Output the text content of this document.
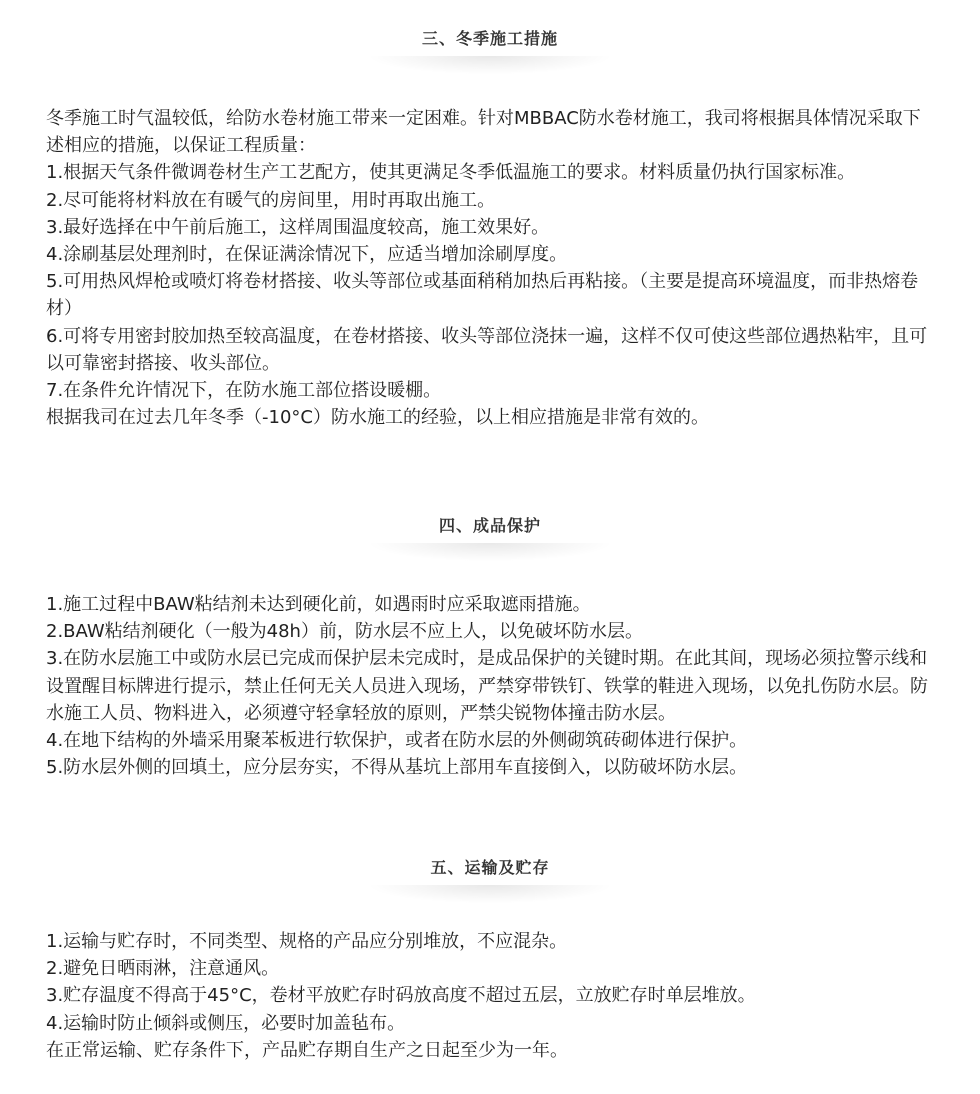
三、冬季施工措施

冬季施工时气温较低，给防水卷材施工带来一定困难。针对MBBAC防水卷材施工，我司将根据具体情况采取下述相应的措施，以保证工程质量：

1.根据天气条件微调卷材生产工艺配方，使其更满足冬季低温施工的要求。材料质量仍执行国家标准。

2.尽可能将材料放在有暖气的房间里，用时再取出施工。

3.最好选择在中午前后施工，这样周围温度较高，施工效果好。

4.涂刷基层处理剂时，在保证满涂情况下，应适当增加涂刷厚度。

5.可用热风焊枪或喷灯将卷材搭接、收头等部位或基面稍稍加热后再粘接。（主要是提高环境温度，而非热熔卷材）

6.可将专用密封胶加热至较高温度，在卷材搭接、收头等部位浇抹一遍，这样不仅可使这些部位遇热粘牢，且可以可靠密封搭接、收头部位。

7.在条件允许情况下，在防水施工部位搭设暖棚。

根据我司在过去几年冬季（-10°C）防水施工的经验，以上相应措施是非常有效的。

四、成品保护

1.施工过程中BAW粘结剂未达到硬化前，如遇雨时应采取遮雨措施。

2.BAW粘结剂硬化（一般为48h）前，防水层不应上人，以免破坏防水层。

3.在防水层施工中或防水层已完成而保护层未完成时，是成品保护的关键时期。在此其间，现场必须拉警示线和设置醒目标牌进行提示，禁止任何无关人员进入现场，严禁穿带铁钉、铁掌的鞋进入现场，以免扎伤防水层。防水施工人员、物料进入，必须遵守轻拿轻放的原则，严禁尖锐物体撞击防水层。

4.在地下结构的外墙采用聚苯板进行软保护，或者在防水层的外侧砌筑砖砌体进行保护。

5.防水层外侧的回填土，应分层夯实，不得从基坑上部用车直接倒入，以防破坏防水层。

五、运输及贮存

1.运输与贮存时，不同类型、规格的产品应分别堆放，不应混杂。

2.避免日晒雨淋，注意通风。

3.贮存温度不得高于45°C，卷材平放贮存时码放高度不超过五层，立放贮存时单层堆放。

4.运输时防止倾斜或侧压，必要时加盖毡布。

在正常运输、贮存条件下，产品贮存期自生产之日起至少为一年。
